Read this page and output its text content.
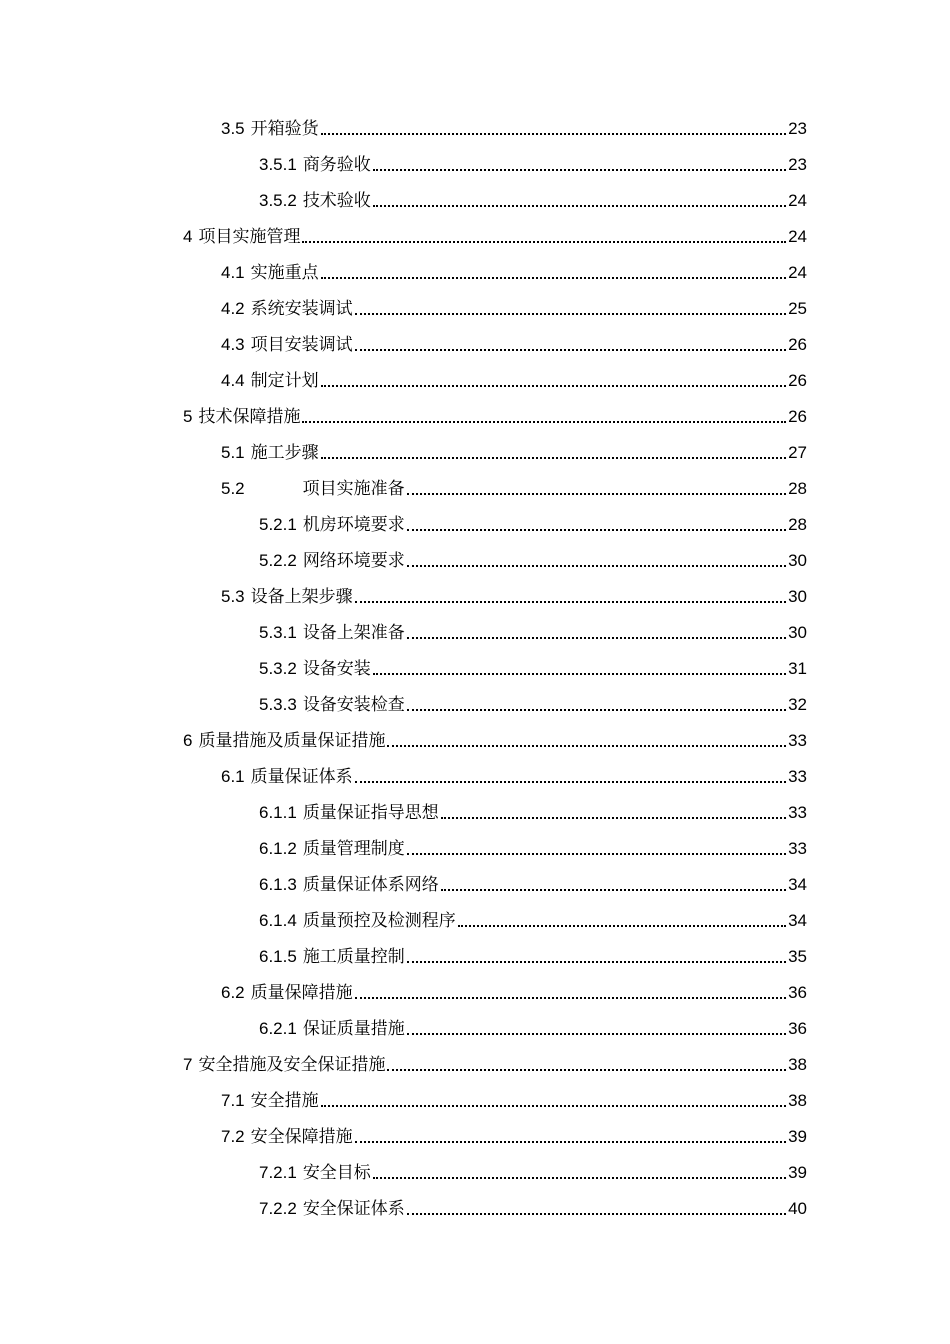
3.5 开箱验货	23
3.5.1 商务验收	23
3.5.2 技术验收	24
4 项目实施管理	24
4.1 实施重点	24
4.2 系统安装调试	25
4.3 项目安装调试	26
4.4 制定计划	26
5 技术保障措施	26
5.1 施工步骤	27
5.2	项目实施准备	28
5.2.1 机房环境要求	28
5.2.2 网络环境要求	30
5.3 设备上架步骤	30
5.3.1 设备上架准备	30
5.3.2 设备安装	31
5.3.3 设备安装检查	32
6 质量措施及质量保证措施	33
6.1 质量保证体系	33
6.1.1 质量保证指导思想	33
6.1.2 质量管理制度	33
6.1.3 质量保证体系网络	34
6.1.4 质量预控及检测程序	34
6.1.5 施工质量控制	35
6.2 质量保障措施	36
6.2.1 保证质量措施	36
7 安全措施及安全保证措施	38
7.1 安全措施	38
7.2 安全保障措施	39
7.2.1 安全目标	39
7.2.2 安全保证体系	40
